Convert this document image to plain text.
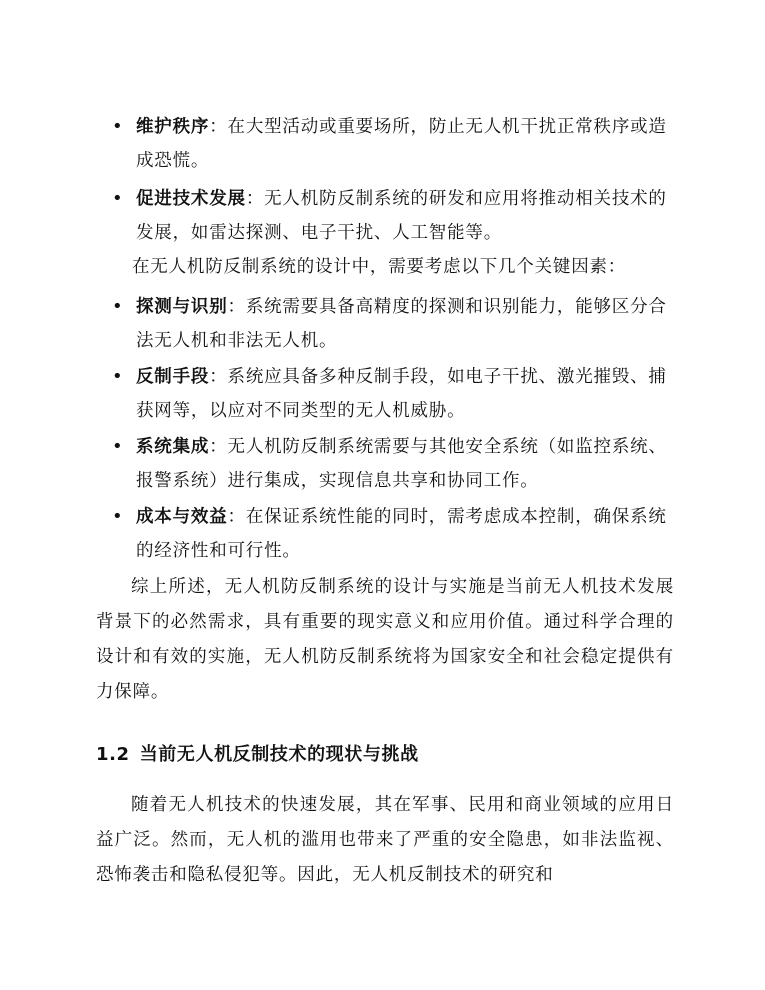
• 维护秩序：在大型活动或重要场所，防止无人机干扰正常秩序或造成恐慌。
• 促进技术发展：无人机防反制系统的研发和应用将推动相关技术的发展，如雷达探测、电子干扰、人工智能等。
在无人机防反制系统的设计中，需要考虑以下几个关键因素：
• 探测与识别：系统需要具备高精度的探测和识别能力，能够区分合法无人机和非法无人机。
• 反制手段：系统应具备多种反制手段，如电子干扰、激光摧毁、捕获网等，以应对不同类型的无人机威胁。
• 系统集成：无人机防反制系统需要与其他安全系统（如监控系统、报警系统）进行集成，实现信息共享和协同工作。
• 成本与效益：在保证系统性能的同时，需考虑成本控制，确保系统的经济性和可行性。

综上所述，无人机防反制系统的设计与实施是当前无人机技术发展背景下的必然需求，具有重要的现实意义和应用价值。通过科学合理的设计和有效的实施，无人机防反制系统将为国家安全和社会稳定提供有力保障。

1.2 当前无人机反制技术的现状与挑战

随着无人机技术的快速发展，其在军事、民用和商业领域的应用日益广泛。然而，无人机的滥用也带来了严重的安全隐患，如非法监视、恐怖袭击和隐私侵犯等。因此，无人机反制技术的研究和
